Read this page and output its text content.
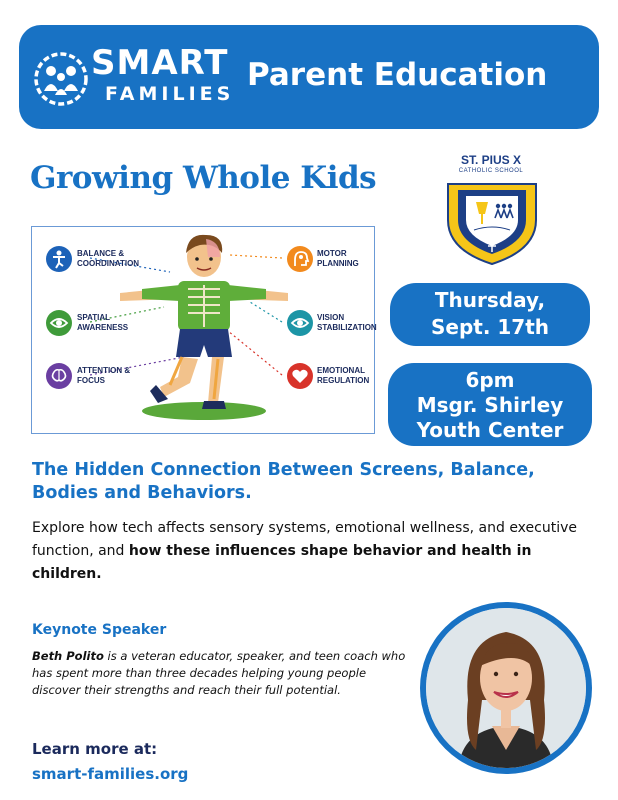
SMART
FAMILIES
Parent Education
Growing Whole Kids	ST. PIUS X
CATHOLIC SCHOOL
BALANCE & COORDINATION
SPATIAL AWARENESS
ATTENTION & FOCUS
MOTOR PLANNING
VISION STABILIZATION
EMOTIONAL REGULATION
Thursday,
Sept. 17th
6pm
Msgr. Shirley
Youth Center
The Hidden Connection Between Screens, Balance, Bodies and Behaviors.
Explore how tech affects sensory systems, emotional wellness, and executive function, and how these influences shape behavior and health in children.
Keynote Speaker
Beth Polito is a veteran educator, speaker, and teen coach who has spent more than three decades helping young people discover their strengths and reach their full potential.
Learn more at:
smart-families.org
